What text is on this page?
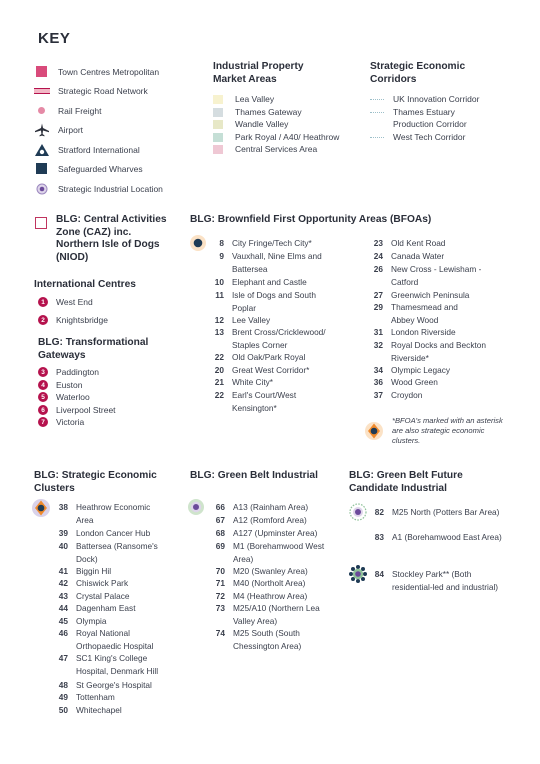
KEY
Town Centres Metropolitan
Strategic Road Network
Rail Freight
Airport
Stratford International
Safeguarded Wharves
Strategic Industrial Location
Industrial Property
Market Areas
Lea Valley
Thames Gateway
Wandle Valley
Park Royal / A40/ Heathrow
Central Services Area
Strategic Economic
Corridors
UK Innovation Corridor
Thames Estuary
Production Corridor
West Tech Corridor
BLG: Central Activities
Zone (CAZ) inc.
Northern Isle of Dogs
(NIOD)
International Centres
1	West End
2	Knightsbridge
BLG: Transformational
Gateways
3	Paddington
4	Euston
5	Waterloo
6	Liverpool Street
7	Victoria
BLG: Brownfield First Opportunity Areas (BFOAs)
8 City Fringe/Tech City*
9 Vauxhall, Nine Elms and Battersea
10 Elephant and Castle
11 Isle of Dogs and South Poplar
12 Lee Valley
13 Brent Cross/Cricklewood/ Staples Corner
22 Old Oak/Park Royal
20 Great West Corridor*
21 White City*
22 Earl's Court/West Kensington*
23 Old Kent Road
24 Canada Water
26 New Cross - Lewisham - Catford
27 Greenwich Peninsula
29 Thamesmead and Abbey Wood
31 London Riverside
32 Royal Docks and Beckton Riverside*
34 Olympic Legacy
36 Wood Green
37 Croydon
*BFOA's marked with an asterisk are also strategic economic clusters.
BLG: Strategic Economic
Clusters
38 Heathrow Economic Area
39 London Cancer Hub
40 Battersea (Ransome's Dock)
41 Biggin Hil
42 Chiswick Park
43 Crystal Palace
44 Dagenham East
45 Olympia
46 Royal National Orthopaedic Hospital
47 SC1 King's College Hospital, Denmark Hill
48 St George's Hospital
49 Tottenham
50 Whitechapel
BLG: Green Belt Industrial
66 A13 (Rainham Area)
67 A12 (Romford Area)
68 A127 (Upminster Area)
69 M1 (Borehamwood West Area)
70 M20 (Swanley Area)
71 M40 (Northolt Area)
72 M4 (Heathrow Area)
73 M25/A10 (Northern Lea Valley Area)
74 M25 South (South Chessington Area)
BLG: Green Belt Future
Candidate Industrial
82 M25 North (Potters Bar Area)
83 A1 (Borehamwood East Area)
84 Stockley Park** (Both residential-led and industrial)
